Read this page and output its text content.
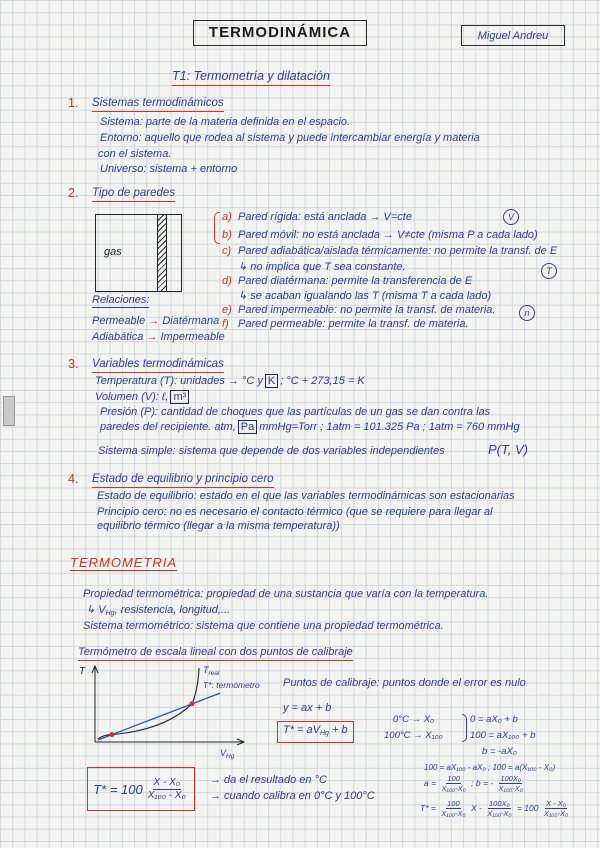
TERMODINÁMICA	Miguel Andreu
T1: Termometría y dilatación
1. Sistemas termodinámicos
Sistema: parte de la materia definida en el espacio.
Entorno: aquello que rodea al sistema y puede intercambiar energía y materia
con el sistema.
Universo: sistema + entorno
2. Tipo de paredes
gas
a) Pared rígida: está anclada → V=cte
b) Pared móvil: no está anclada → V≠cte (misma P a cada lado)
c) Pared adiabática/aislada térmicamente: no permite la transf. de E
↳ no implica que T sea constante.
d) Pared diatérmana: permite la transferencia de E
↳ se acaban igualando las T (misma T a cada lado)
e) Pared impermeable: no permite la transf. de materia.
f) Pared permeable: permite la transf. de materia.
V
T
n
Relaciones:
Permeable → Diatérmana
Adiabática → Impermeable
3. Variables termodinámicas
Temperatura (T): unidades → °C y K ; °C + 273,15 = K
Volumen (V): ℓ, m³
Presión (P): cantidad de choques que las partículas de un gas se dan contra las
paredes del recipiente. atm, Pa mmHg=Torr ; 1atm = 101.325 Pa ; 1atm = 760 mmHg
Sistema simple: sistema que depende de dos variables independientes	P(T, V)
4. Estado de equilibrio y principio cero
Estado de equilibrio: estado en el que las variables termodinámicas son estacionarias
Principio cero: no es necesario el contacto térmico (que se requiere para llegar al
equilibrio térmico (llegar a la misma temperatura))
TERMOMETRIA
Propiedad termométrica: propiedad de una sustancia que varía con la temperatura.
↳ $V_{Hg}$, resistencia, longitud,...
Sistema termométrico: sistema que contiene una propiedad termométrica.
Termómetro de escala lineal con dos puntos de calibraje
T
$V_{Hg}$
$T_{real}$
T*: termómetro Puntos de calibraje: puntos donde el error es nulo
y = ax + b
$T* = aV_{Hg} + b$
0°C → X₀
100°C → X₁₀₀
0 = aX₀ + b
100 = aX₁₀₀ + b
b = -aX₀
100 = aX₁₀₀ - aX₀ ; 100 = a(X₁₀₀ - X₀)
$a = \frac{100}{\text{X₁₀₀-X₀}}$ ; b = - $\frac{\text{100X₀}}{\text{X₁₀₀-X₀}}$
$T* = \frac{100}{\text{X₁₀₀-X₀}}$ $X - \frac{\text{100X₀}}{\text{X₁₀₀-X₀}} = 100 \frac{\text{X - X₀}}{\text{X₁₀₀-X₀}}$
$T* = 100 \frac{\text{X - X₀}}{\text{X₁₀₀ - X₀}}$ → da el resultado en °C
→ cuando calibra en 0°C y 100°C
